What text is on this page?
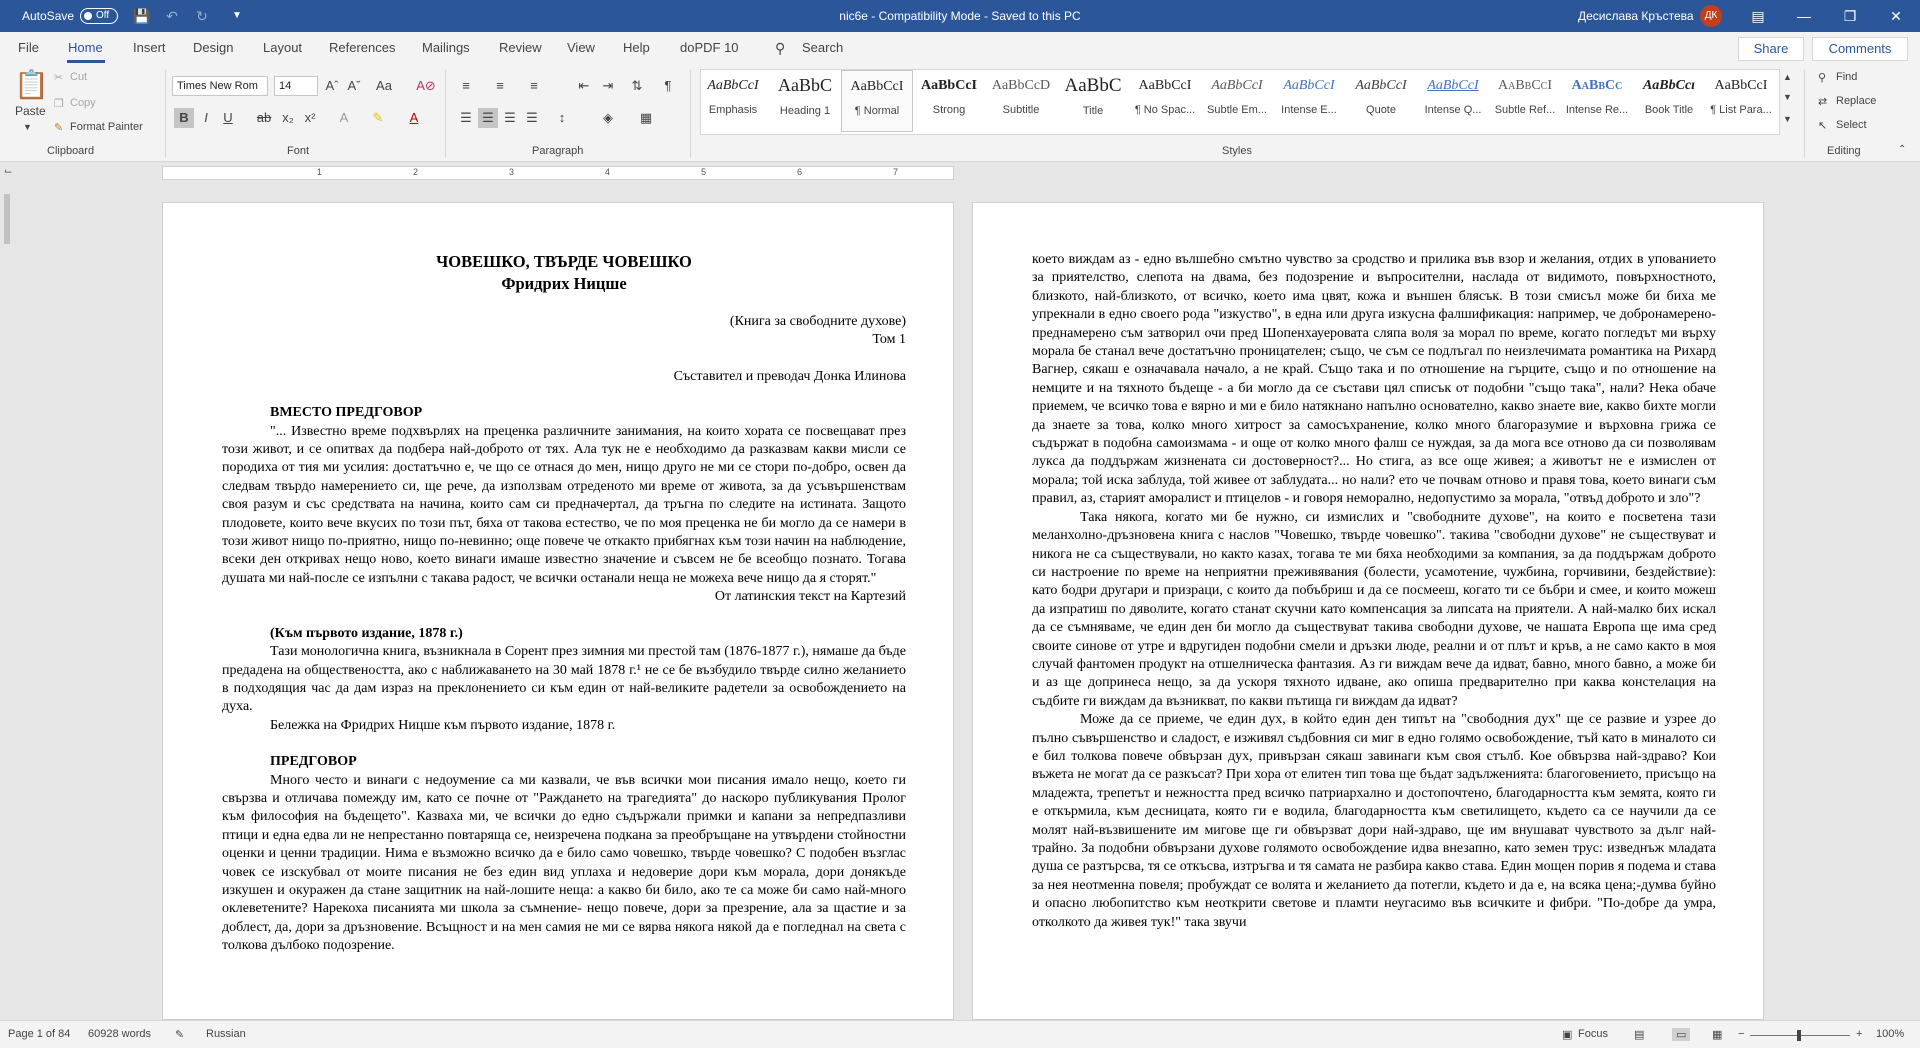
AutoSave Off 💾 ↶ ↻	▼	nic6e - Compatibility Mode - Saved to this PC	Десислава Кръстева	ДК	▤	—	❐	✕
File Home Insert Design Layout References Mailings Review View Help doPDF 10	⚲ Search	Share	Comments
📋
Paste
▼
✂ Cut
❐ Copy
✎ Format Painter
Clipboard
Times New Rom	14	Aˆ Aˇ Aa A⊘
B	I	U	ab x₂ x²	A	✎	A
Font
≡	≡	≡	⇤	⇥	⇅	¶
☰ ☰ ☰ ☰	↕	◈	▦
Paragraph
AaBbCcI
Emphasis
AaBbC
Heading 1
AaBbCcI
¶ Normal
AaBbCcI
Strong
AaBbCcD
Subtitle
AaBbC
Title
AaBbCcI
¶ No Spac...
AaBbCcI
Subtle Em...
AaBbCcI
Intense E...
AaBbCcI
Quote
AaBbCcI
Intense Q...
AaBbCcI
Subtle Ref...
AaBbCc
Intense Re...
AaBbCcı
Book Title
AaBbCcI
¶ List Para...
▲
▼
▼
Styles
⚲ Find
⇄ Replace
↖ Select
Editing	⌃
⌙	1	2	3	4	5	6	7

ЧОВЕШКО, ТВЪРДЕ ЧОВЕШКО

Фридрих Ницше

(Книга за свободните духове)

Том 1

Съставител и преводач Донка Илинова

ВМЕСТО ПРЕДГОВОР

"... Известно време подхвърлях на преценка различните занимания, на които хората се посвещават през този живот, и се опитвах да подбера най-доброто от тях. Ала тук не е необходимо да разказвам какви мисли се породиха от тия ми усилия: достатъчно е, че що се отнася до мен, нищо друго не ми се стори по-добро, освен да следвам твърдо намерението си, ще рече, да използвам отреденото ми време от живота, за да усъвършенствам своя разум и със средствата на начина, които сам си предначертал, да тръгна по следите на истината. Защото плодовете, които вече вкусих по този път, бяха от такова естество, че по моя преценка не би могло да се намери в този живот нищо по-приятно, нищо по-невинно; още повече че откакто прибягнах към този начин на наблюдение, всеки ден откривах нещо ново, което винаги имаше известно значение и съвсем не бе всеобщо познато. Тогава душата ми най-после се изпълни с такава радост, че всички останали неща не можеха вече нищо да я сторят."

От латинския текст на Картезий

(Към първото издание, 1878 г.)

Тази монологична книга, възникнала в Сорент през зимния ми престой там (1876-1877 г.), нямаше да бъде предадена на обществеността, ако с наближаването на 30 май 1878 г.¹ не се бе възбудило твърде силно желанието в подходящия час да дам израз на преклонението си към един от най-великите радетели за освобождението на духа.

Бележка на Фридрих Ницше към първото издание, 1878 г.

ПРЕДГОВОР

Много често и винаги с недоумение са ми казвали, че във всички мои писания имало нещо, което ги свързва и отличава помежду им, като се почне от "Раждането на трагедията" до наскоро публикувания Пролог към философия на бъдещето". Казваха ми, че всички до едно съдържали примки и капани за непредпазливи птици и една едва ли не непрестанно повтаряща се, неизречена подкана за преобръщане на утвърдени стойностни оценки и ценни традиции. Нима е възможно всичко да е било само човешко, твърде човешко? С подобен възглас човек се изскубвал от моите писания не без един вид уплаха и недоверие дори към морала, дори донякъде изкушен и окуражен да стане защитник на най-лошите неща: а какво би било, ако те са може би само най-много оклеветените? Нарекоха писанията ми школа за съмнение- нещо повече, дори за презрение, ала за щастие и за доблест, да, дори за дръзновение. Всъщност и на мен самия не ми се вярва някога някой да е погледнал на света с толкова дълбоко подозрение.

което виждам аз - едно вълшебно смътно чувство за сродство и прилика във взор и желания, отдих в упованието за приятелство, слепота на двама, без подозрение и въпросителни, наслада от видимото, повърхностното, близкото, най-близкото, от всичко, което има цвят, кожа и външен блясък. В този смисъл може би биха ме упрекнали в едно своего рода "изкуство", в една или друга изкусна фалшификация: например, че добронамерено-преднамерено съм затворил очи пред Шопенхауеровата сляпа воля за морал по времe, когато погледът ми върху морала бе станал вече достатъчно проницателен; също, че съм се подлъгал по неизлечимата романтика на Рихард Вагнер, сякаш е означавала начало, а не край. Също така и по отношение на гърците, също и по отношение на немците и на тяхното бъдеще - а би могло да се състави цял списък от подобни "също така", нали? Нека обаче приемем, че всичко това е вярно и ми е било натякнано напълно основателно, какво знаете вие, какво бихте могли да знаете за това, колко много хитрост за самосъхранение, колко много благоразумие и върховна грижа се съдържат в подобна самоизмама - и още от колко много фалш се нуждая, за да мога все отново да си позволявам лукса да поддържам жизнената си достоверност?... Но стига, аз все още живея; а животът не е измислен от морала; той иска заблуда, той живее от заблудата... но нали? ето че почвам отново и правя това, което винаги съм правил, аз, старият аморалист и птицелов - и говоря неморално, недопустимо за морала, "отвъд доброто и зло"?

Така някога, когато ми бе нужно, си измислих и "свободните духове", на които е посветена тази меланхолно-дръзновена книга с наслов "Човешко, твърде човешко". такива "свободни духове" не съществуват и никога не са съществували, но както казах, тогава те ми бяха необходими за компания, за да поддържам доброто си настроение по време на неприятни преживявания (болести, усамотение, чужбина, горчивини, бездействие): като бодри другари и призраци, с които да побъбриш и да се посмееш, когато ти се бъбри и смее, и които можеш да изпратиш по дяволите, когато станат скучни като компенсация за липсата на приятели. А най-малко бих искал да се съмняваме, че един ден би могло да съществуват такива свободни духове, че нашата Европа ще има сред своите синове от утре и вдругиден подобни смели и дръзки люде, реални и от плът и кръв, а не само както в моя случай фантомен продукт на отшелническа фантазия. Аз ги виждам вече да идват, бавно, много бавно, а може би и аз ще допринеса нещо, за да ускоря тяхното идване, ако опиша предварително при каква констелация на съдбите ги виждам да възникват, по какви пътища ги виждам да идват?

Може да се приеме, че един дух, в който един ден типът на "свободния дух" ще се развие и узрее до пълно съвършенство и сладост, е изживял съдбовния си миг в едно голямо освобождение, тъй като в миналото си е бил толкова повече обвързан дух, привързан сякаш завинаги към своя стълб. Кое обвързва най-здраво? Кои въжета не могат да се разкъсат? При хора от елитен тип това ще бъдат задълженията: благоговението, присъщо на младежта, трепетът и нежността пред всичко патриархално и достопочтено, благодарността към земята, която ги е откърмила, към десницата, която ги е водила, благодарността към светилището, където са се научили да се молят най-възвишените им мигове ще ги обвързват дори най-здраво, ще им внушават чувството за дълг най-трайно. За подобни обвързани духове голямото освобождение идва внезапно, като земен трус: изведнъж младата душа се разтърсва, тя се откъсва, изтръгва и тя самата не разбира какво става. Един мощен порив я подема и става за нея неотменна повеля; пробуждат се волята и желанието да потегли, където и да е, на всяка цена;-думва буйно и опасно любопитство към неоткрити светове и пламти неугасимо във всичките и фибри. "По-добре да умра, отколкото да живея тук!" така звучи

Page 1 of 84 60928 words ✎ Russian	▣ Focus ▤	▭	▦ −	+ 100%
